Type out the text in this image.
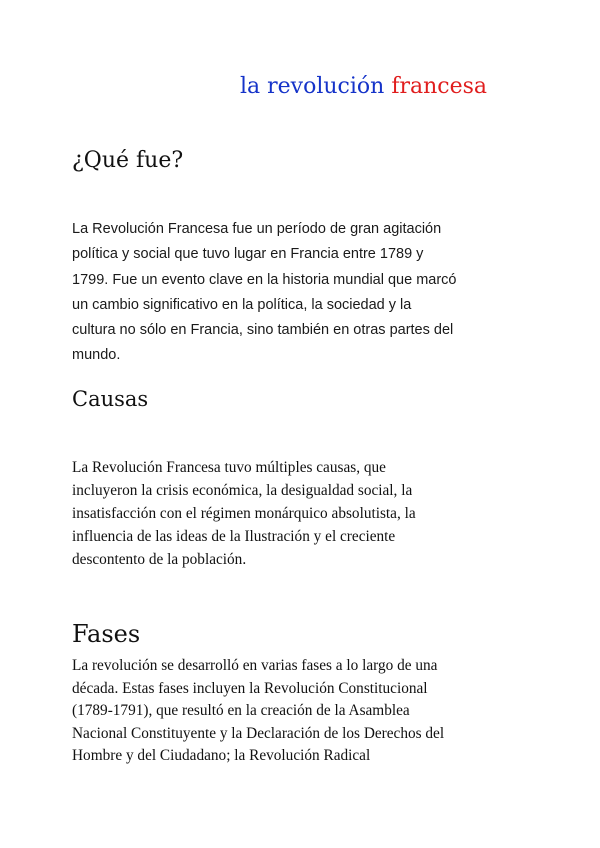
la revolución francesa
¿Qué fue?
La Revolución Francesa fue un período de gran agitación
política y social que tuvo lugar en Francia entre 1789 y
1799. Fue un evento clave en la historia mundial que marcó
un cambio significativo en la política, la sociedad y la
cultura no sólo en Francia, sino también en otras partes del
mundo.
Causas
La Revolución Francesa tuvo múltiples causas, que
incluyeron la crisis económica, la desigualdad social, la
insatisfacción con el régimen monárquico absolutista, la
influencia de las ideas de la Ilustración y el creciente
descontento de la población.
Fases
La revolución se desarrolló en varias fases a lo largo de una
década. Estas fases incluyen la Revolución Constitucional
(1789-1791), que resultó en la creación de la Asamblea
Nacional Constituyente y la Declaración de los Derechos del
Hombre y del Ciudadano; la Revolución Radical
